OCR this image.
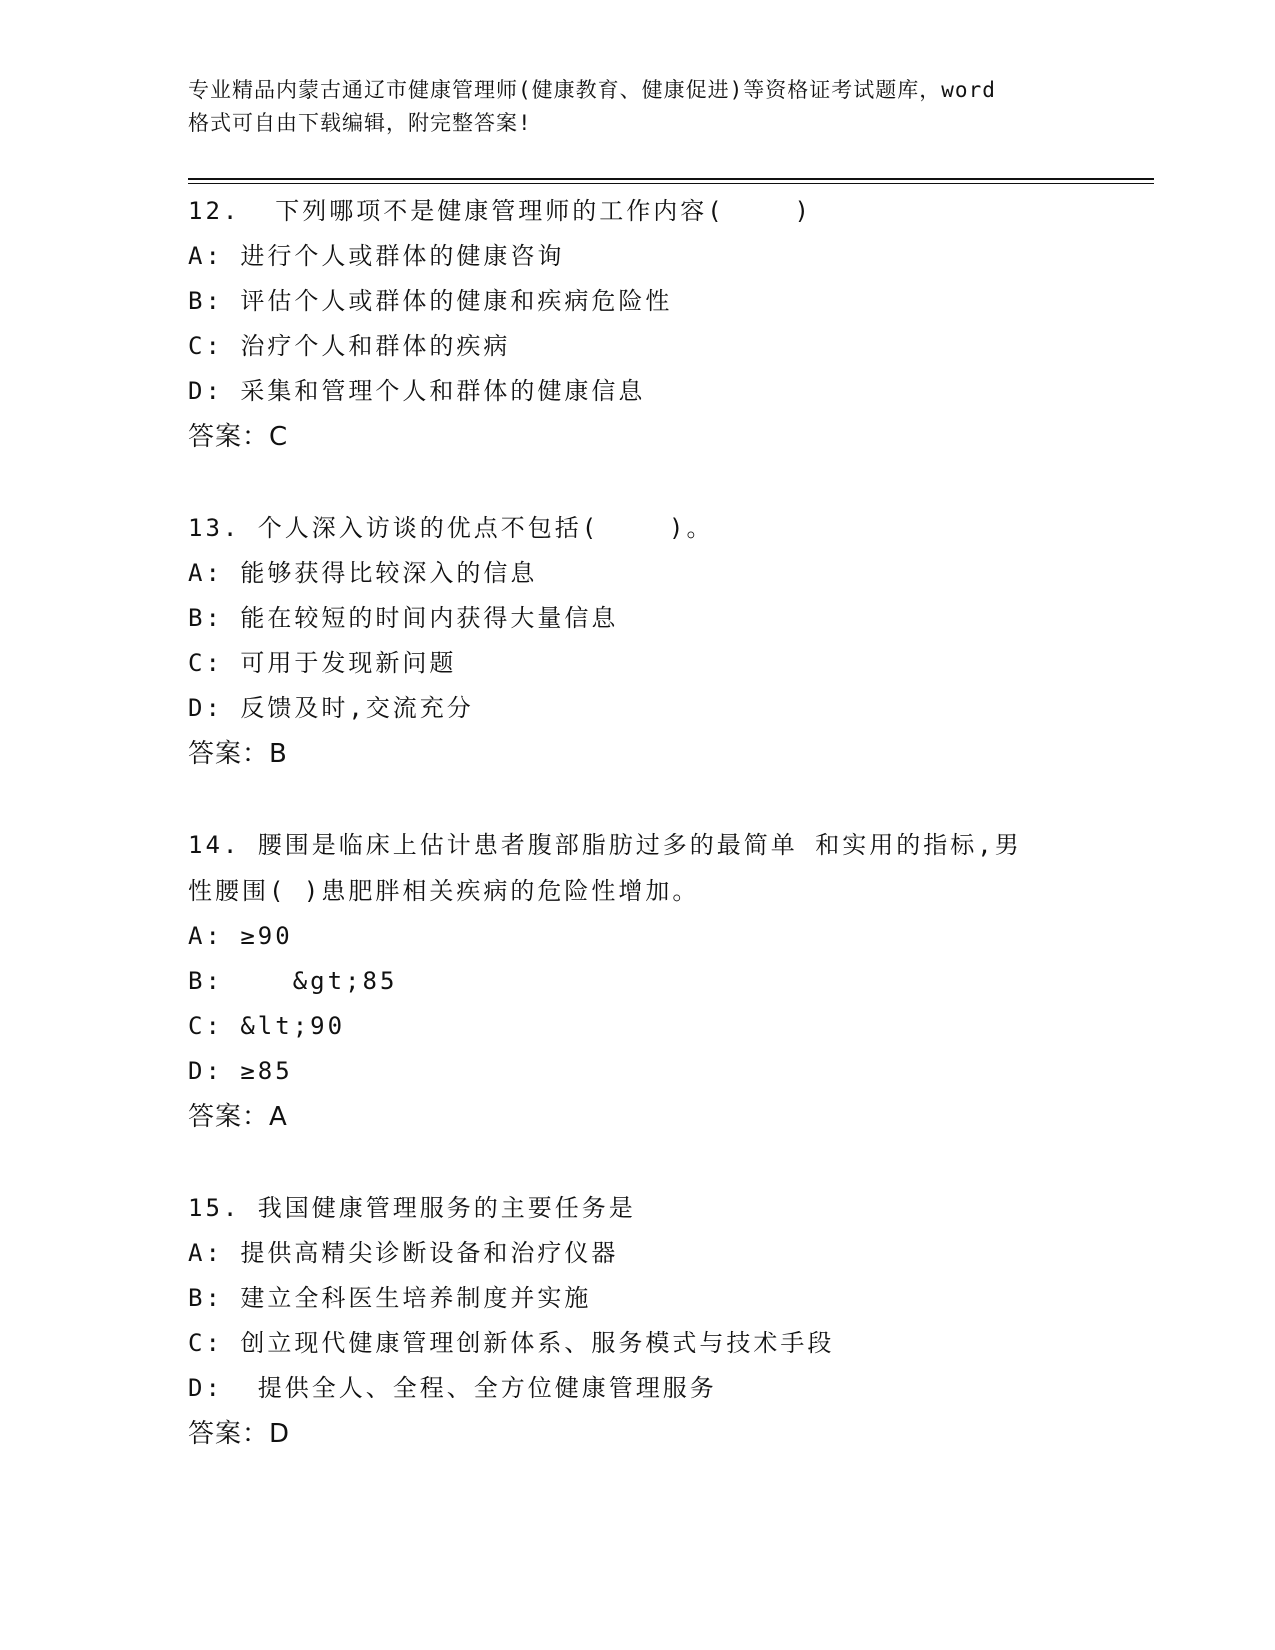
专业精品内蒙古通辽市健康管理师(健康教育、健康促进)等资格证考试题库，word
格式可自由下载编辑，附完整答案!
12.  下列哪项不是健康管理师的工作内容(    )
A: 进行个人或群体的健康咨询
B: 评估个人或群体的健康和疾病危险性
C: 治疗个人和群体的疾病
D: 采集和管理个人和群体的健康信息
答案：C
13. 个人深入访谈的优点不包括(    )。
A: 能够获得比较深入的信息
B: 能在较短的时间内获得大量信息
C: 可用于发现新问题
D: 反馈及时,交流充分
答案：B
14. 腰围是临床上估计患者腹部脂肪过多的最简单 和实用的指标,男
性腰围( )患肥胖相关疾病的危险性增加。
A: ≥90
B:    &gt;85
C: &lt;90
D: ≥85
答案：A
15. 我国健康管理服务的主要任务是
A: 提供高精尖诊断设备和治疗仪器
B: 建立全科医生培养制度并实施
C: 创立现代健康管理创新体系、服务模式与技术手段
D:  提供全人、全程、全方位健康管理服务
答案：D
